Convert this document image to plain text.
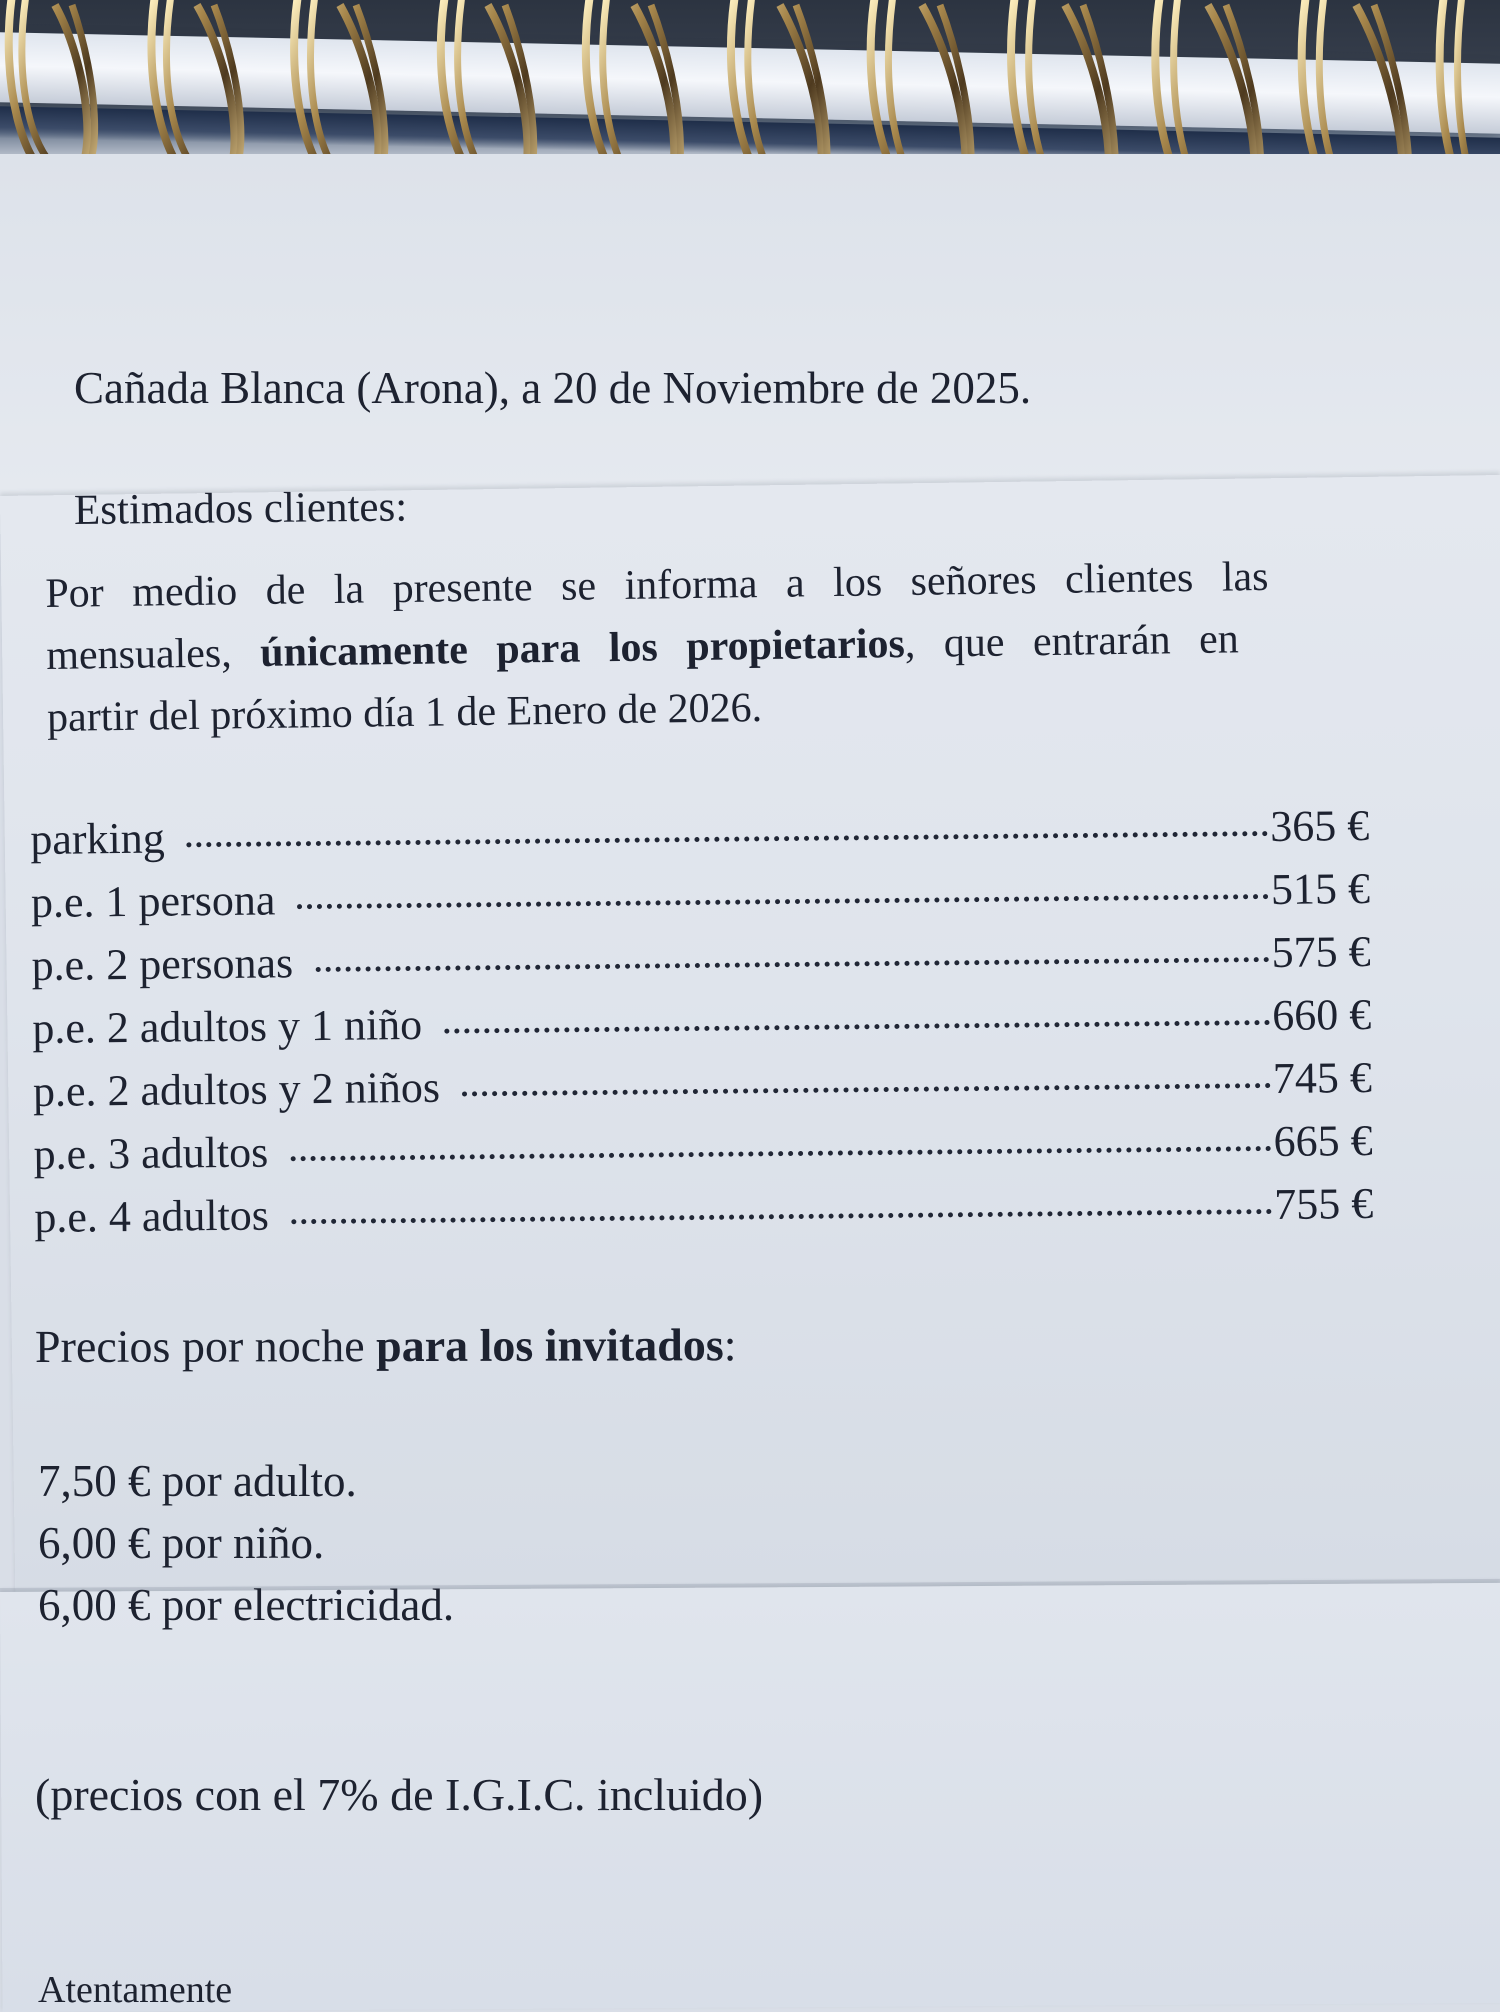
Cañada Blanca (Arona), a 20 de Noviembre de 2025.
Estimados clientes:
Por medio de la presente se informa a los señores clientes las
mensuales, únicamente para los propietarios, que entrarán en
partir del próximo día 1 de Enero de 2026.
parking	365 €
p.e. 1 persona	515 €
p.e. 2 personas	575 €
p.e. 2 adultos y 1 niño	660 €
p.e. 2 adultos y 2 niños	745 €
p.e. 3 adultos	665 €
p.e. 4 adultos	755 €
Precios por noche para los invitados:
7,50 € por adulto.
6,00 € por niño.
6,00 € por electricidad.
(precios con el 7% de I.G.I.C. incluido)
Atentamente
